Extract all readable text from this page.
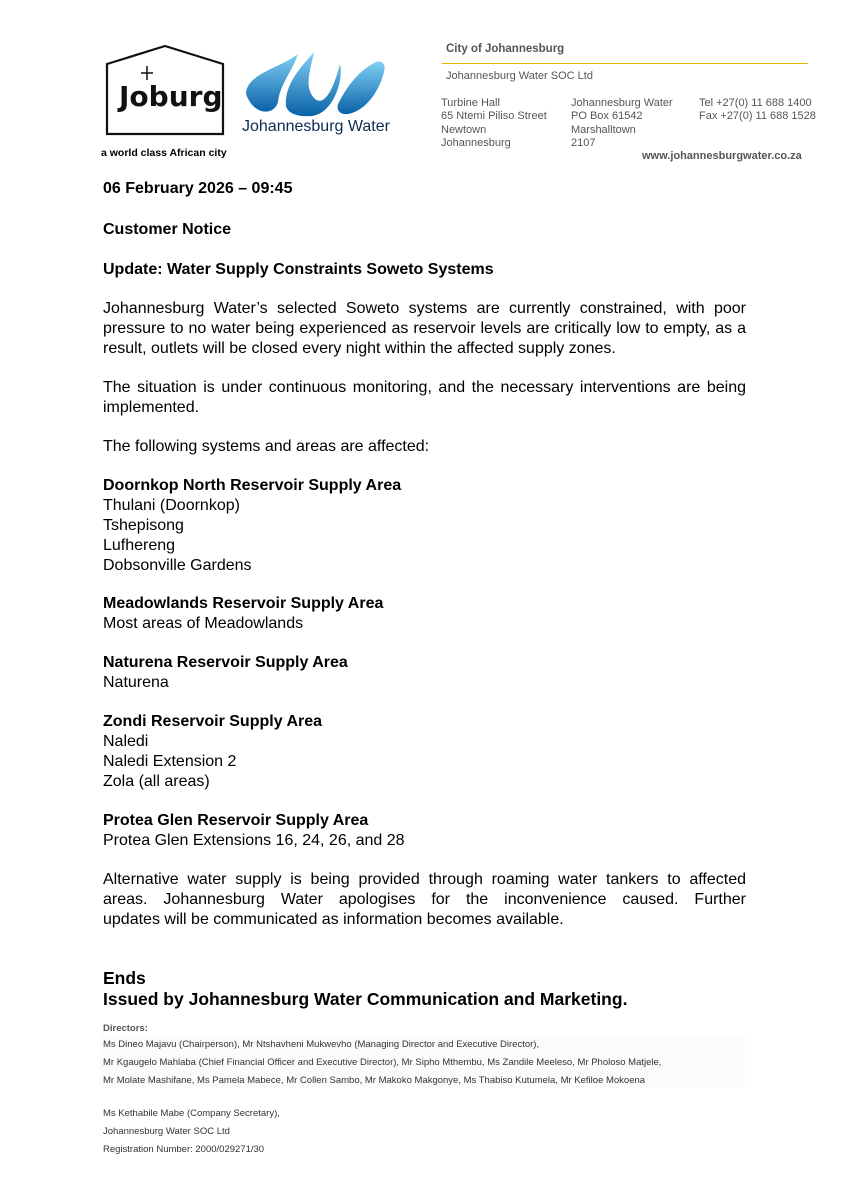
Joburg
a world class African city
Johannesburg Water
City of Johannesburg
Johannesburg Water SOC Ltd
Turbine Hall
65 Ntemi Piliso Street
Newtown
Johannesburg
Johannesburg Water
PO Box 61542
Marshalltown
2107
Tel +27(0) 11 688 1400
Fax +27(0) 11 688 1528
www.johannesburgwater.co.za
06 February 2026 – 09:45
Customer Notice
Update: Water Supply Constraints Soweto Systems
Johannesburg Water’s selected Soweto systems are currently constrained, with poor pressure to no water being experienced as reservoir levels are critically low to empty, as a result, outlets will be closed every night within the affected supply zones.
The situation is under continuous monitoring, and the necessary interventions are being implemented.
The following systems and areas are affected:
Doornkop North Reservoir Supply Area
Thulani (Doornkop)
Tshepisong
Lufhereng
Dobsonville Gardens
Meadowlands Reservoir Supply Area
Most areas of Meadowlands
Naturena Reservoir Supply Area
Naturena
Zondi Reservoir Supply Area
Naledi
Naledi Extension 2
Zola (all areas)
Protea Glen Reservoir Supply Area
Protea Glen Extensions 16, 24, 26, and 28
Alternative water supply is being provided through roaming water tankers to affected
areas. Johannesburg Water apologises for the inconvenience caused. Further
updates will be communicated as information becomes available.
Ends
Issued by Johannesburg Water Communication and Marketing.
Directors:
Ms Dineo Majavu (Chairperson), Mr Ntshavheni Mukwevho (Managing Director and Executive Director),
Mr Kgaugelo Mahlaba (Chief Financial Officer and Executive Director), Mr Sipho Mthembu, Ms Zandile Meeleso, Mr Pholoso Matjele,
Mr Molate Mashifane, Ms Pamela Mabece, Mr Collen Sambo, Mr Makoko Makgonye, Ms Thabiso Kutumela, Mr Kefiloe Mokoena
Ms Kethabile Mabe (Company Secretary),
Johannesburg Water SOC Ltd
Registration Number: 2000/029271/30
